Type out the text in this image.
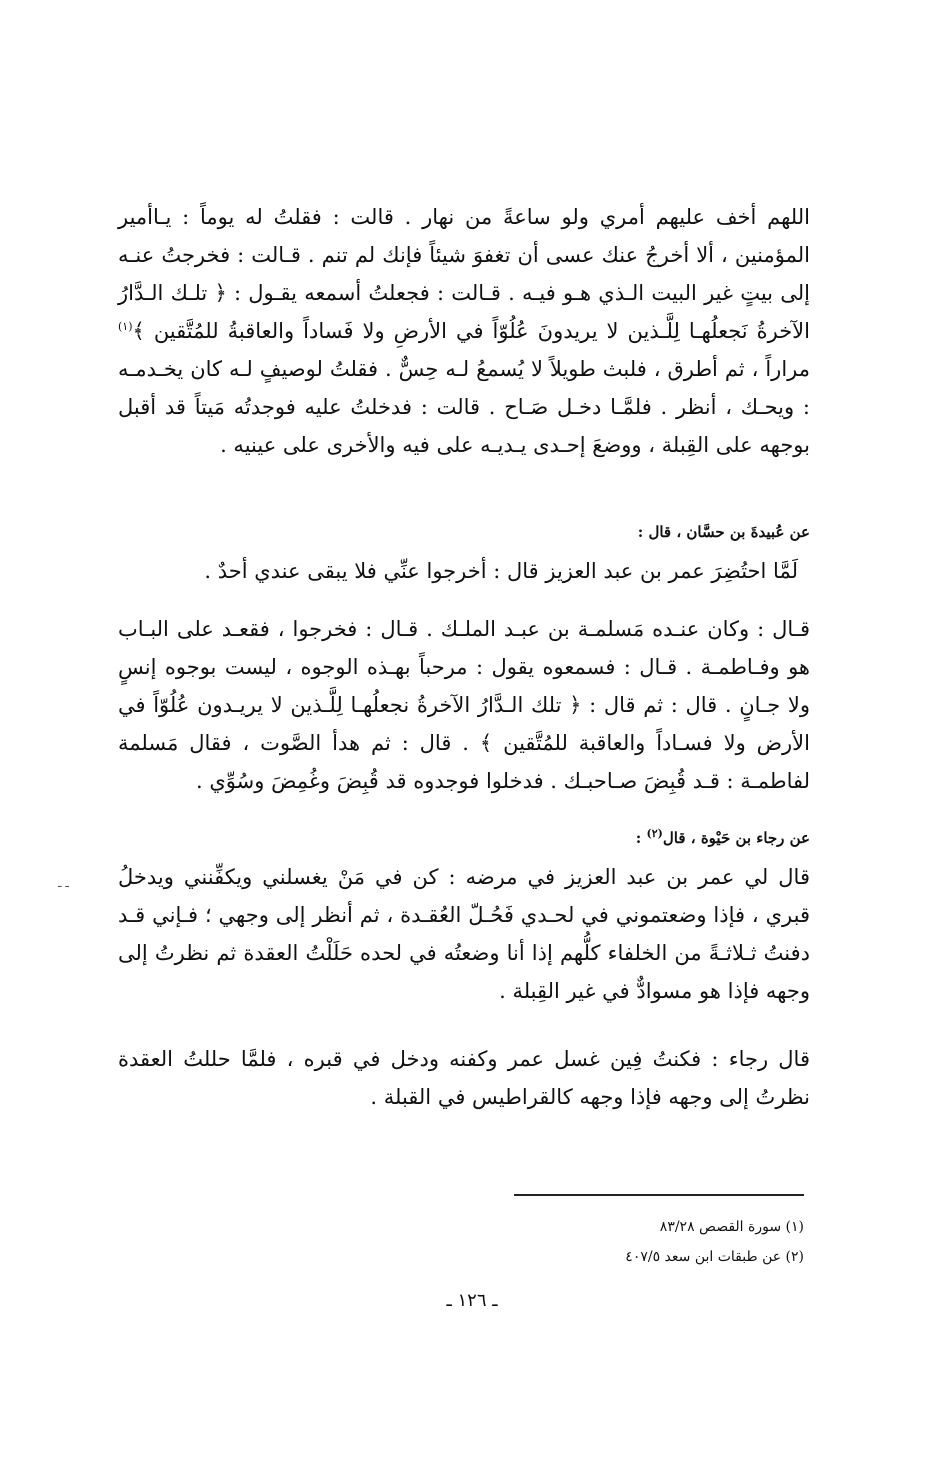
اللهم أخف عليهم أمري ولو ساعةً من نهار . قالت : فقلتُ له يوماً : يـاأمير المؤمنين ، ألا أخرجُ عنك عسى أن تغفوَ شيئاً فإنك لم تنم . قـالت : فخرجتُ عنـه إلى بيتٍ غير البيت الـذي هـو فيـه . قـالت : فجعلتُ أسمعه يقـول : ﴿ تلـك الـدَّارُ الآخرةُ نَجعلُهـا لِلَّـذين لا يريدونَ عُلُوّاً في الأرضِ ولا فَساداً والعاقبةُ للمُتَّقين ﴾$^{(١)}$ مراراً ، ثم أطرق ، فلبث طويلاً لا يُسمعُ لـه حِسٌّ . فقلتُ لوصيفٍ لـه كان يخـدمـه : ويحـك ، أنظر . فلمَّـا دخـل صَـاح . قالت : فدخلتُ عليه فوجدتُه مَيتاً قد أقبل بوجهه على القِبلة ، ووضعَ إحـدى يـديـه على فيه والأخرى على عينيه .

عن عُبيدةَ بن حسَّان ، قال :

لَمَّا احتُضِرَ عمر بن عبد العزيز قال : أخرجوا عنِّي فلا يبقى عندي أحدٌ .

قـال : وكان عنـده مَسلمـة بن عبـد الملـك . قـال : فخرجوا ، فقعـد على البـاب هو وفـاطمـة . قـال : فسمعوه يقول : مرحباً بهـذه الوجوه ، ليست بوجوه إنسٍ ولا جـانٍ . قال : ثم قال : ﴿ تلك الـدَّارُ الآخرةُ نجعلُهـا لِلَّـذين لا يريـدون عُلُوّاً في الأرض ولا فسـاداً والعاقبة للمُتَّقين ﴾ . قال : ثم هدأ الصَّوت ، فقال مَسلمة لفاطمـة : قـد قُبِضَ صـاحبـك . فدخلوا فوجدوه قد قُبِضَ وغُمِضَ وسُوِّي .

عن رجاء بن حَيْوة ، قال$^{(٢)}$ :

قال لي عمر بن عبد العزيز في مرضه : كن في مَنْ يغسلني ويكفِّنني ويدخلُ قبري ، فإذا وضعتموني في لحـدي فَحُـلّ العُقـدة ، ثم أنظر إلى وجهي ؛ فـإني قـد دفنتُ ثـلاثـةً من الخلفاء كلُّهم إذا أنا وضعتُه في لحده حَلَلْتُ العقدة ثم نظرتُ إلى وجهه فإذا هو مسوادٌّ في غير القِبلة .

قال رجاء : فكنتُ فِين غسل عمر وكفنه ودخل في قبره ، فلمَّا حللتُ العقدة نظرتُ إلى وجهه فإذا وجهه كالقراطيس في القبلة .

ـ ـ

(١) سورة القصص ٨٣/٢٨

(٢) عن طبقات ابن سعد ٤٠٧/٥

ـ ١٢٦ ـ
